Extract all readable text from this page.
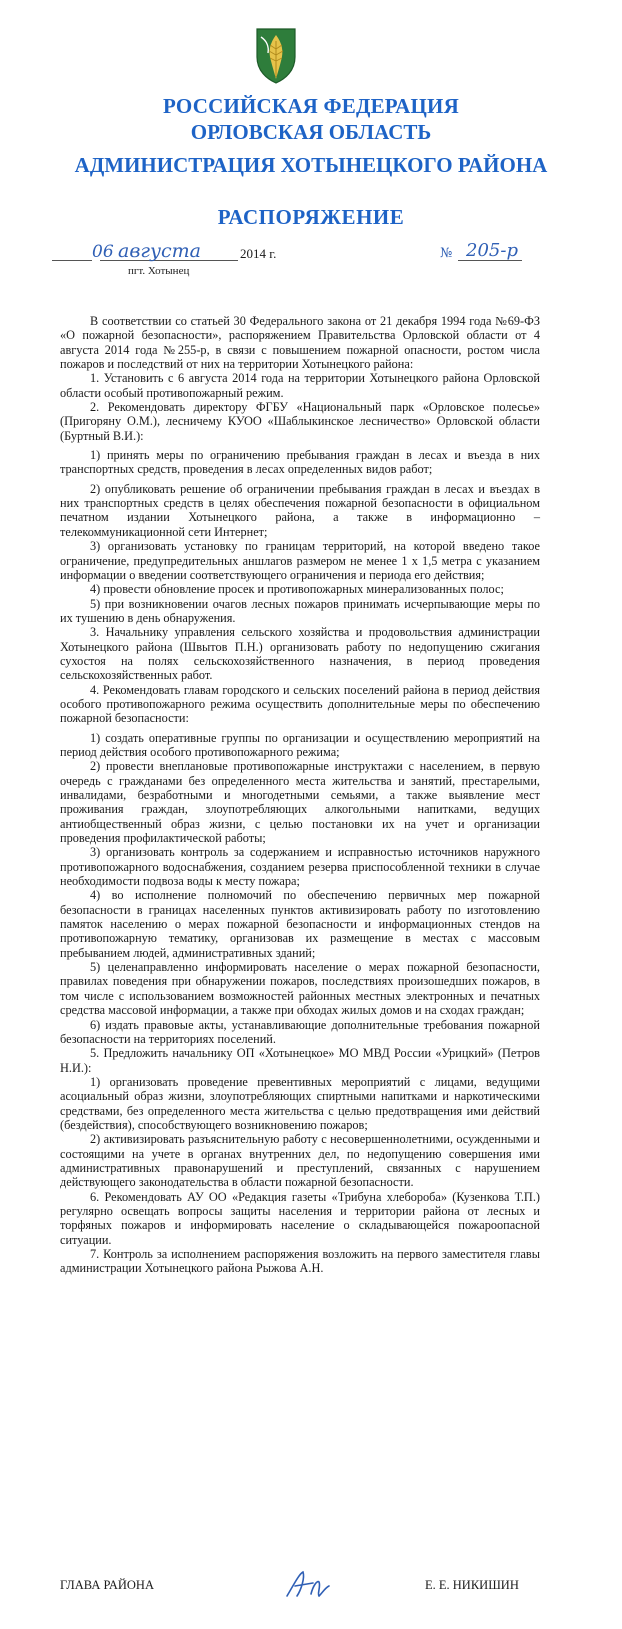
РОССИЙСКАЯ ФЕДЕРАЦИЯ
ОРЛОВСКАЯ ОБЛАСТЬ
АДМИНИСТРАЦИЯ ХОТЫНЕЦКОГО РАЙОНА
РАСПОРЯЖЕНИЕ
06 августа	2014 г.
пгт. Хотынец
№ 205-р

В соответствии со статьей 30 Федерального закона от 21 декабря 1994 года №69-ФЗ «О пожарной безопасности», распоряжением Правительства Орловской области от 4 августа 2014 года №255-р, в связи с повышением пожарной опасности, ростом числа пожаров и последствий от них на территории Хотынецкого района:

1. Установить с 6 августа 2014 года на территории Хотынецкого района Орловской области особый противопожарный режим.

2. Рекомендовать директору ФГБУ «Национальный парк «Орловское полесье» (Пригоряну О.М.), лесничему КУОО «Шаблыкинское лесничество» Орловской области (Буртный В.И.):

1) принять меры по ограничению пребывания граждан в лесах и въезда в них транспортных средств, проведения в лесах определенных видов работ;

2) опубликовать решение об ограничении пребывания граждан в лесах и въездах в них транспортных средств в целях обеспечения пожарной безопасности в официальном печатном издании Хотынецкого района, а также в информационно – телекоммуникационной сети Интернет;

3) организовать установку по границам территорий, на которой введено такое ограничение, предупредительных аншлагов размером не менее 1 х 1,5 метра с указанием информации о введении соответствующего ограничения и периода его действия;

4) провести обновление просек и противопожарных минерализованных полос;

5) при возникновении очагов лесных пожаров принимать исчерпывающие меры по их тушению в день обнаружения.

3. Начальнику управления сельского хозяйства и продовольствия администрации Хотынецкого района (Швытов П.Н.) организовать работу по недопущению сжигания сухостоя на полях сельскохозяйственного назначения, в период проведения сельскохозяйственных работ.

4. Рекомендовать главам городского и сельских поселений района в период действия особого противопожарного режима осуществить дополнительные меры по обеспечению пожарной безопасности:

1) создать оперативные группы по организации и осуществлению мероприятий на период действия особого противопожарного режима;

2) провести внеплановые противопожарные инструктажи с населением, в первую очередь с гражданами без определенного места жительства и занятий, престарелыми, инвалидами, безработными и многодетными семьями, а также выявление мест проживания граждан, злоупотребляющих алкогольными напитками, ведущих антиобщественный образ жизни, с целью постановки их на учет и организации проведения профилактической работы;

3) организовать контроль за содержанием и исправностью источников наружного противопожарного водоснабжения, созданием резерва приспособленной техники в случае необходимости подвоза воды к месту пожара;

4) во исполнение полномочий по обеспечению первичных мер пожарной безопасности в границах населенных пунктов активизировать работу по изготовлению памяток населению о мерах пожарной безопасности и информационных стендов на противопожарную тематику, организовав их размещение в местах с массовым пребыванием людей, административных зданий;

5) целенаправленно информировать население о мерах пожарной безопасности, правилах поведения при обнаружении пожаров, последствиях произошедших пожаров, в том числе с использованием возможностей районных местных электронных и печатных средства массовой информации, а также при обходах жилых домов и на сходах граждан;

6) издать правовые акты, устанавливающие дополнительные требования пожарной безопасности на территориях поселений.

5. Предложить начальнику ОП «Хотынецкое» МО МВД России «Урицкий» (Петров Н.И.):

1) организовать проведение превентивных мероприятий с лицами, ведущими асоциальный образ жизни, злоупотребляющих спиртными напитками и наркотическими средствами, без определенного места жительства с целью предотвращения ими действий (бездействия), способствующего возникновению пожаров;

2) активизировать разъяснительную работу с несовершеннолетними, осужденными и состоящими на учете в органах внутренних дел, по недопущению совершения ими административных правонарушений и преступлений, связанных с нарушением действующего законодательства в области пожарной безопасности.

6. Рекомендовать АУ ОО «Редакция газеты «Трибуна хлебороба» (Кузенкова Т.П.) регулярно освещать вопросы защиты населения и территории района от лесных и торфяных пожаров и информировать население о складывающейся пожароопасной ситуации.

7. Контроль за исполнением распоряжения возложить на первого заместителя главы администрации Хотынецкого района Рыжова А.Н.

ГЛАВА РАЙОНА	Е. Е. НИКИШИН
